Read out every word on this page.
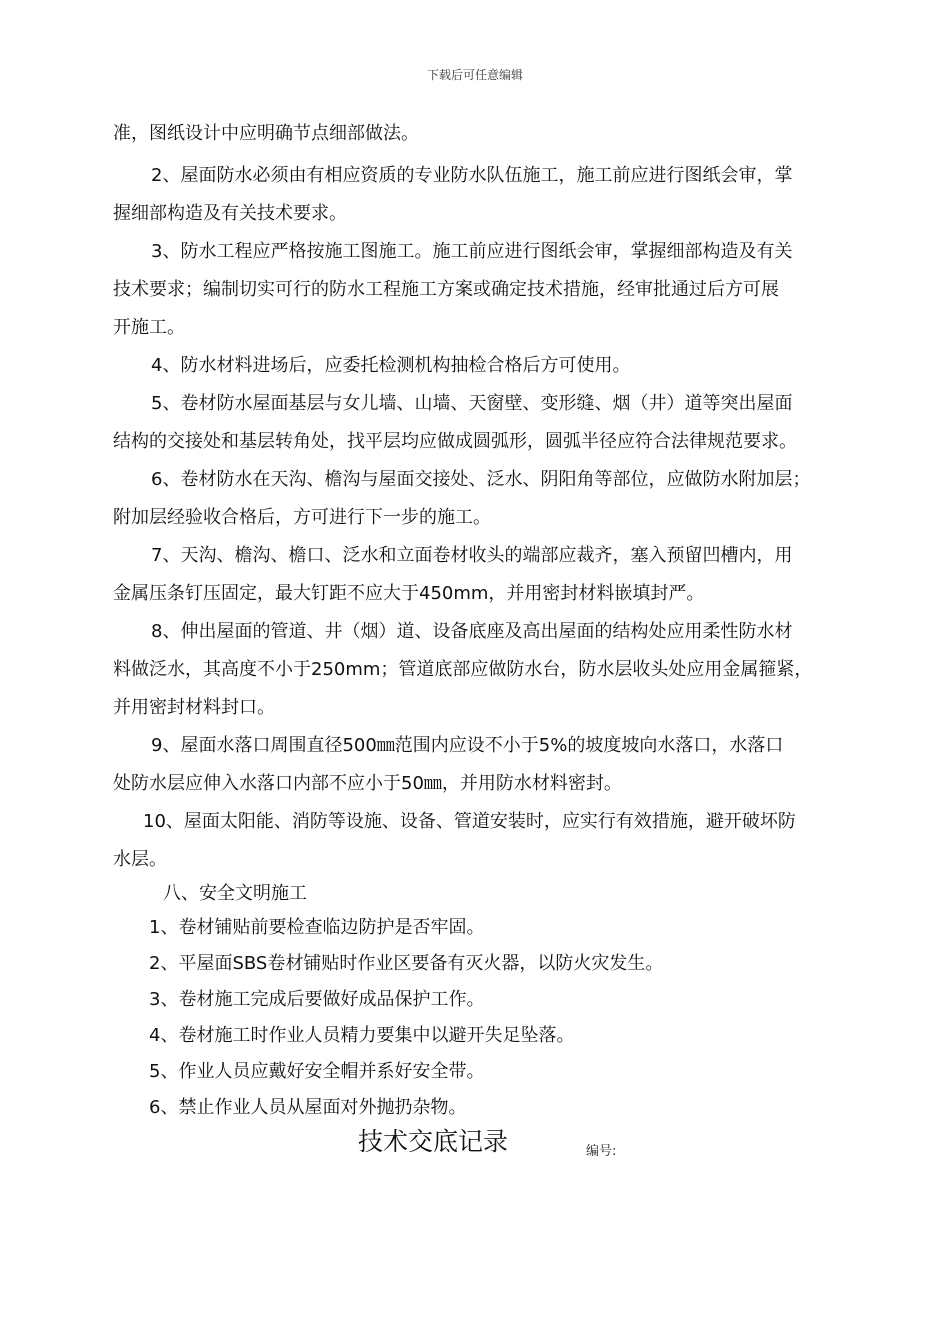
下载后可任意编辑
准，图纸设计中应明确节点细部做法。
2、屋面防水必须由有相应资质的专业防水队伍施工，施工前应进行图纸会审，掌
握细部构造及有关技术要求。
3、防水工程应严格按施工图施工。施工前应进行图纸会审，掌握细部构造及有关
技术要求；编制切实可行的防水工程施工方案或确定技术措施，经审批通过后方可展
开施工。
4、防水材料进场后，应委托检测机构抽检合格后方可使用。
5、卷材防水屋面基层与女儿墙、山墙、天窗壁、变形缝、烟（井）道等突出屋面
结构的交接处和基层转角处，找平层均应做成圆弧形，圆弧半径应符合法律规范要求。
6、卷材防水在天沟、檐沟与屋面交接处、泛水、阴阳角等部位，应做防水附加层；
附加层经验收合格后，方可进行下一步的施工。
7、天沟、檐沟、檐口、泛水和立面卷材收头的端部应裁齐，塞入预留凹槽内，用
金属压条钉压固定，最大钉距不应大于450mm，并用密封材料嵌填封严。
8、伸出屋面的管道、井（烟）道、设备底座及高出屋面的结构处应用柔性防水材
料做泛水，其高度不小于250mm；管道底部应做防水台，防水层收头处应用金属箍紧，
并用密封材料封口。
9、屋面水落口周围直径500㎜范围内应设不小于5%的坡度坡向水落口，水落口
处防水层应伸入水落口内部不应小于50㎜，并用防水材料密封。
10、屋面太阳能、消防等设施、设备、管道安装时，应实行有效措施，避开破坏防
水层。
八、安全文明施工
1、卷材铺贴前要检查临边防护是否牢固。
2、平屋面SBS卷材铺贴时作业区要备有灭火器，以防火灾发生。
3、卷材施工完成后要做好成品保护工作。
4、卷材施工时作业人员精力要集中以避开失足坠落。
5、作业人员应戴好安全帽并系好安全带。
6、禁止作业人员从屋面对外抛扔杂物。
技术交底记录	编号:
